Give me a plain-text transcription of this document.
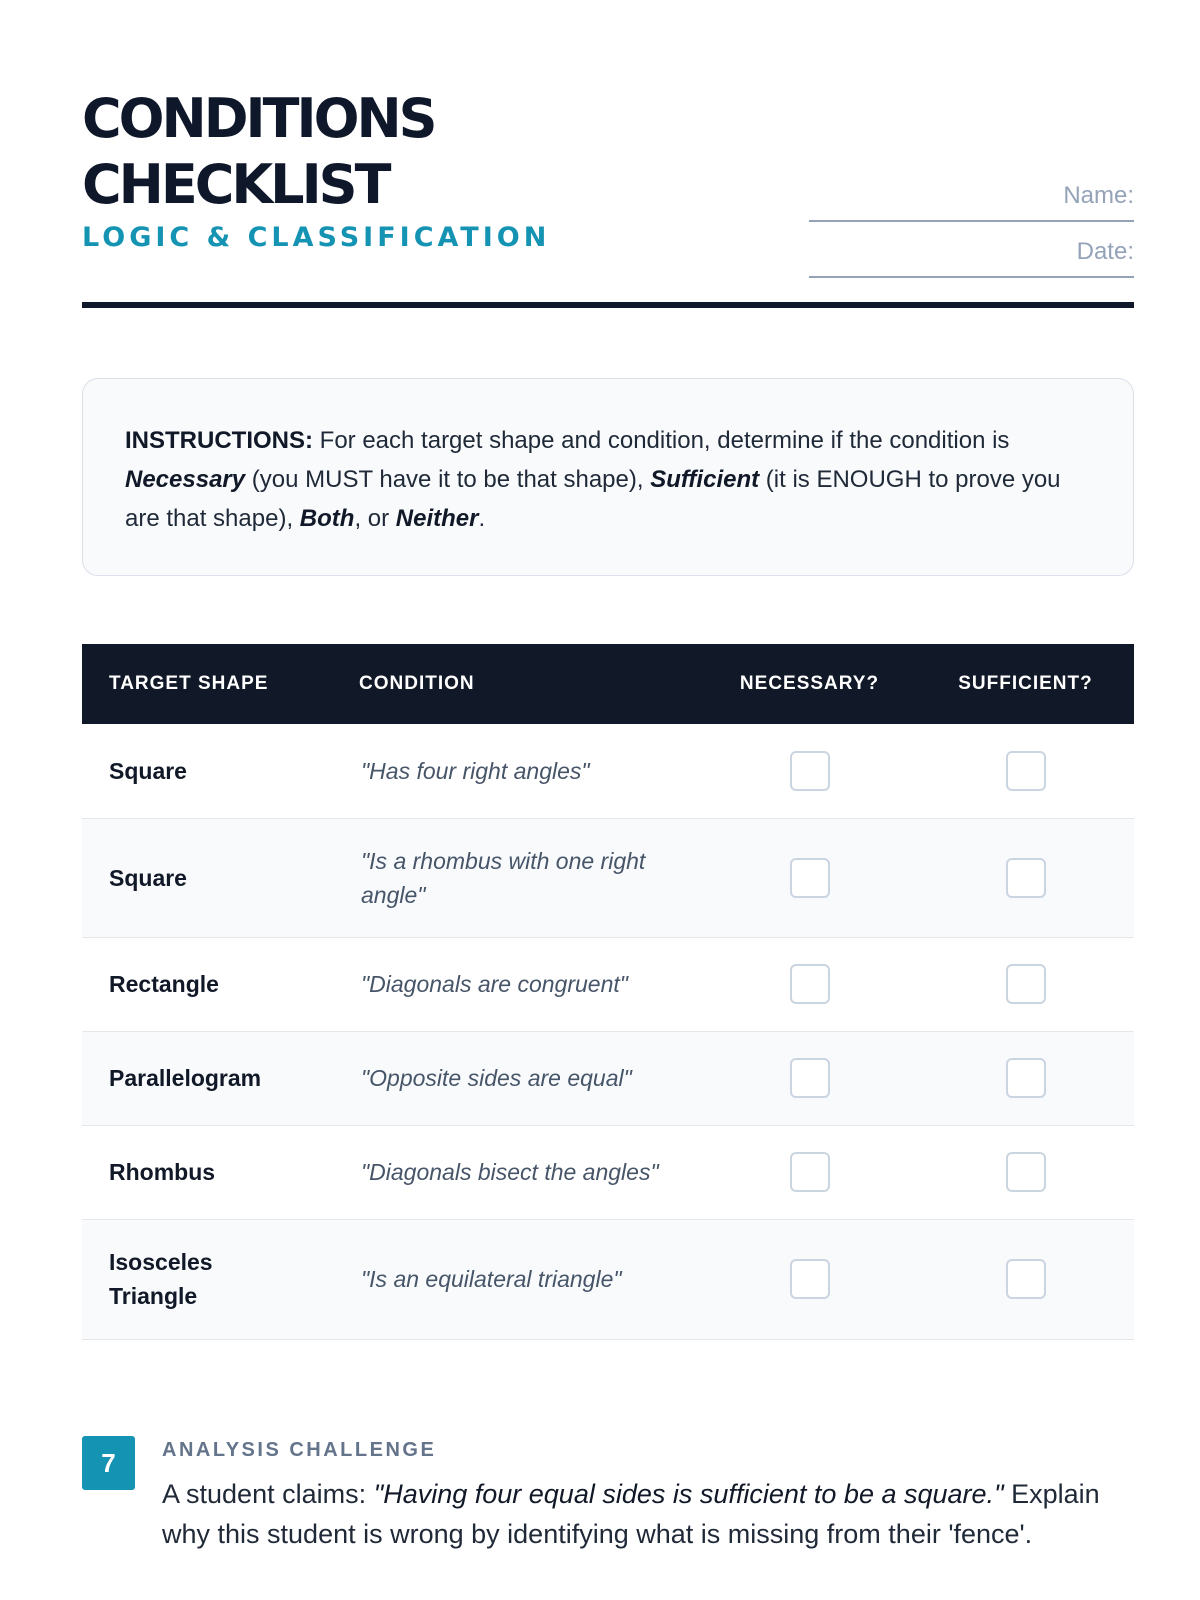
CONDITIONS
CHECKLIST
LOGIC & CLASSIFICATION
Name:
Date:
INSTRUCTIONS: For each target shape and condition, determine if the condition is Necessary (you MUST have it to be that shape), Sufficient (it is ENOUGH to prove you are that shape), Both, or Neither.
TARGET SHAPE	CONDITION	NECESSARY?	SUFFICIENT?
Square	"Has four right angles"		
Square	"Is a rhombus with one right angle"		
Rectangle	"Diagonals are congruent"		
Parallelogram	"Opposite sides are equal"		
Rhombus	"Diagonals bisect the angles"		
Isosceles Triangle	"Is an equilateral triangle"		
7	ANALYSIS CHALLENGE
A student claims: "Having four equal sides is sufficient to be a square." Explain why this student is wrong by identifying what is missing from their 'fence'.
